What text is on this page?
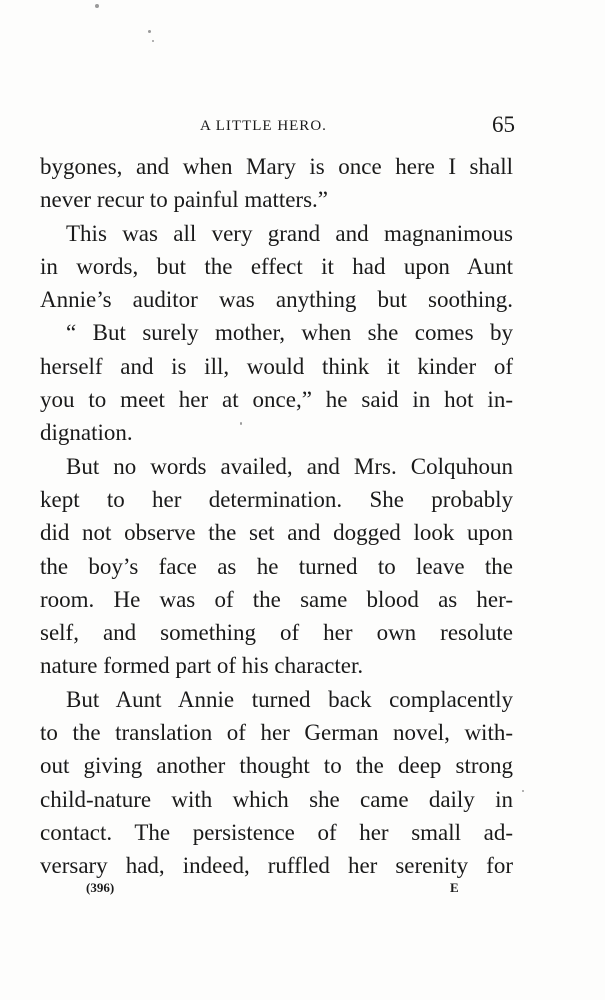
A LITTLE HERO.	65
bygones, and when Mary is once here I shall
never recur to painful matters.”
This was all very grand and magnanimous
in words, but the effect it had upon Aunt
Annie’s auditor was anything but soothing.
“ But surely mother, when she comes by
herself and is ill, would think it kinder of
you to meet her at once,” he said in hot in-
dignation.
But no words availed, and Mrs. Colquhoun
kept to her determination. She probably
did not observe the set and dogged look upon
the boy’s face as he turned to leave the
room. He was of the same blood as her-
self, and something of her own resolute
nature formed part of his character.
But Aunt Annie turned back complacently
to the translation of her German novel, with-
out giving another thought to the deep strong
child-nature with which she came daily in
contact. The persistence of her small ad-
versary had, indeed, ruffled her serenity for
(396)	E
